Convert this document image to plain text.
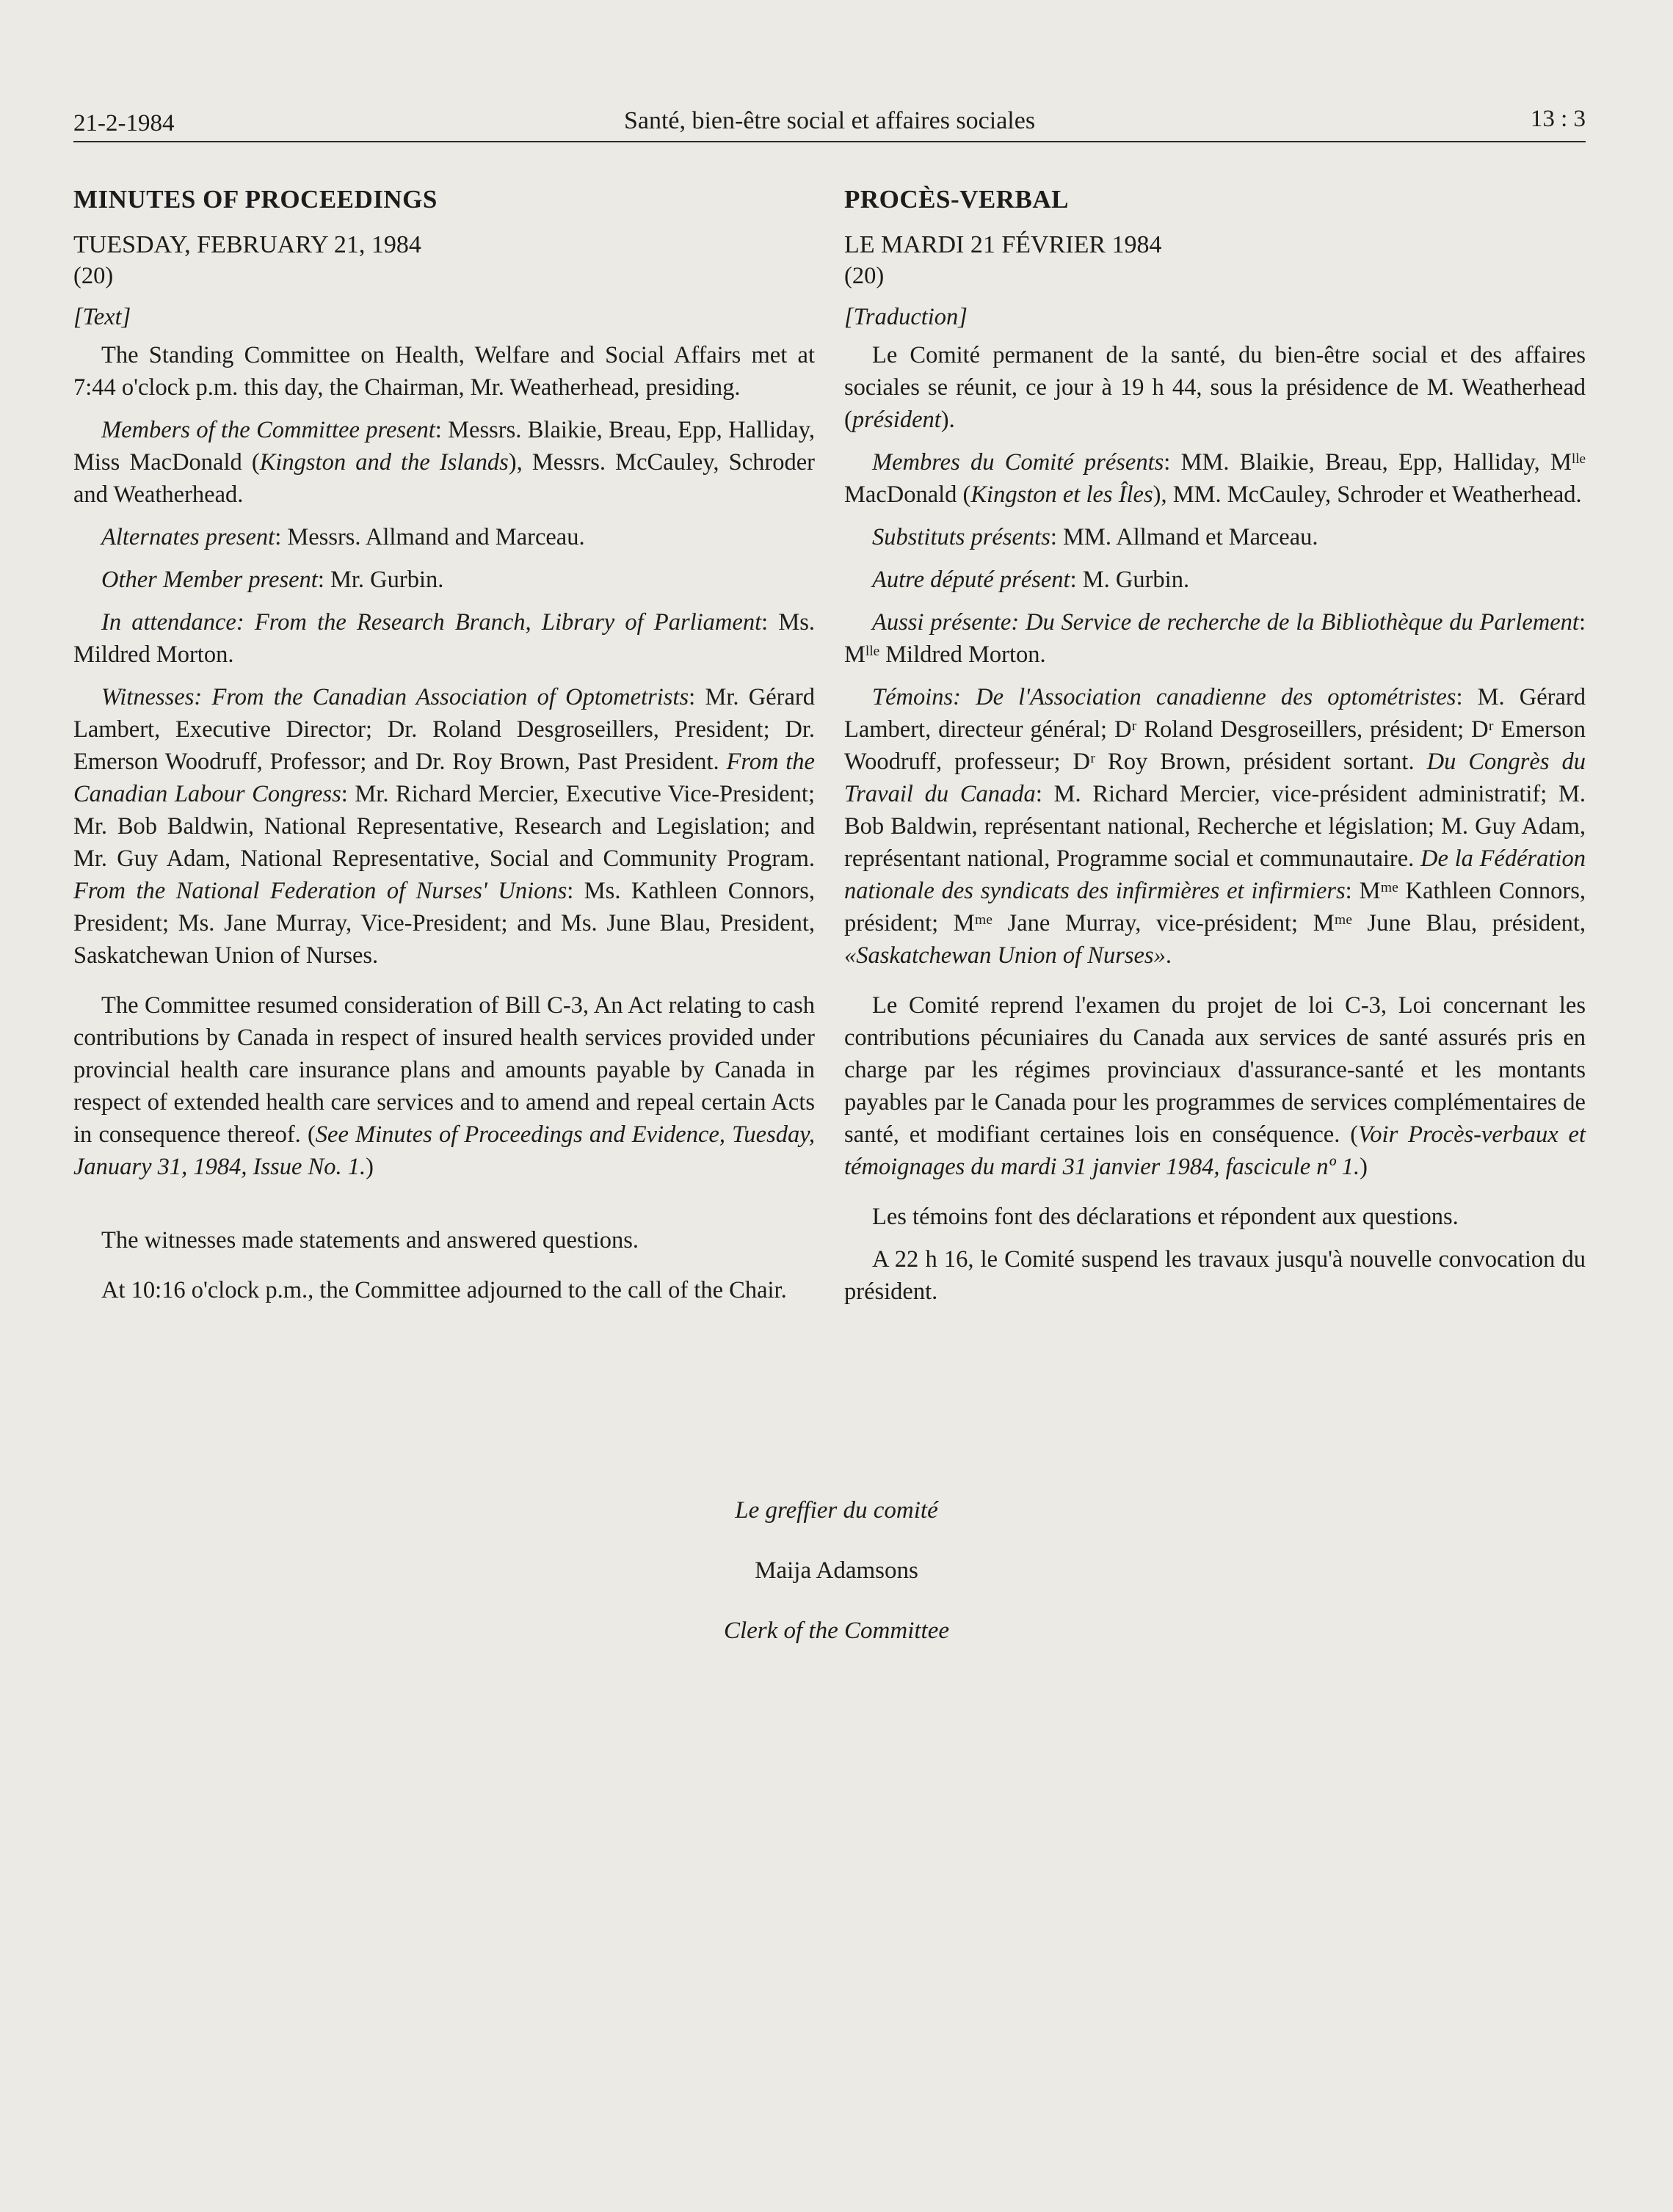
21-2-1984	Santé, bien-être social et affaires sociales	13 : 3
MINUTES OF PROCEEDINGS
TUESDAY, FEBRUARY 21, 1984
(20)
[Text]

The Standing Committee on Health, Welfare and Social Affairs met at 7:44 o'clock p.m. this day, the Chairman, Mr. Weatherhead, presiding.

Members of the Committee present: Messrs. Blaikie, Breau, Epp, Halliday, Miss MacDonald (Kingston and the Islands), Messrs. McCauley, Schroder and Weatherhead.

Alternates present: Messrs. Allmand and Marceau.

Other Member present: Mr. Gurbin.

In attendance: From the Research Branch, Library of Parliament: Ms. Mildred Morton.

Witnesses: From the Canadian Association of Optometrists: Mr. Gérard Lambert, Executive Director; Dr. Roland Desgroseillers, President; Dr. Emerson Woodruff, Professor; and Dr. Roy Brown, Past President. From the Canadian Labour Congress: Mr. Richard Mercier, Executive Vice-President; Mr. Bob Baldwin, National Representative, Research and Legislation; and Mr. Guy Adam, National Representative, Social and Community Program. From the National Federation of Nurses' Unions: Ms. Kathleen Connors, President; Ms. Jane Murray, Vice-President; and Ms. June Blau, President, Saskatchewan Union of Nurses.

The Committee resumed consideration of Bill C-3, An Act relating to cash contributions by Canada in respect of insured health services provided under provincial health care insurance plans and amounts payable by Canada in respect of extended health care services and to amend and repeal certain Acts in consequence thereof. (See Minutes of Proceedings and Evidence, Tuesday, January 31, 1984, Issue No. 1.)

The witnesses made statements and answered questions.

At 10:16 o'clock p.m., the Committee adjourned to the call of the Chair.

PROCÈS-VERBAL
LE MARDI 21 FÉVRIER 1984
(20)
[Traduction]

Le Comité permanent de la santé, du bien-être social et des affaires sociales se réunit, ce jour à 19 h 44, sous la présidence de M. Weatherhead (président).

Membres du Comité présents: MM. Blaikie, Breau, Epp, Halliday, Mˡˡᵉ MacDonald (Kingston et les Îles), MM. McCauley, Schroder et Weatherhead.

Substituts présents: MM. Allmand et Marceau.

Autre député présent: M. Gurbin.

Aussi présente: Du Service de recherche de la Bibliothèque du Parlement: Mˡˡᵉ Mildred Morton.

Témoins: De l'Association canadienne des optométristes: M. Gérard Lambert, directeur général; Dʳ Roland Desgroseillers, président; Dʳ Emerson Woodruff, professeur; Dʳ Roy Brown, président sortant. Du Congrès du Travail du Canada: M. Richard Mercier, vice-président administratif; M. Bob Baldwin, représentant national, Recherche et législation; M. Guy Adam, représentant national, Programme social et communautaire. De la Fédération nationale des syndicats des infirmières et infirmiers: Mᵐᵉ Kathleen Connors, président; Mᵐᵉ Jane Murray, vice-président; Mᵐᵉ June Blau, président, «Saskatchewan Union of Nurses».

Le Comité reprend l'examen du projet de loi C-3, Loi concernant les contributions pécuniaires du Canada aux services de santé assurés pris en charge par les régimes provinciaux d'assurance-santé et les montants payables par le Canada pour les programmes de services complémentaires de santé, et modifiant certaines lois en conséquence. (Voir Procès-verbaux et témoignages du mardi 31 janvier 1984, fascicule nº 1.)

Les témoins font des déclarations et répondent aux questions.

A 22 h 16, le Comité suspend les travaux jusqu'à nouvelle convocation du président.

Le greffier du comité
Maija Adamsons
Clerk of the Committee
